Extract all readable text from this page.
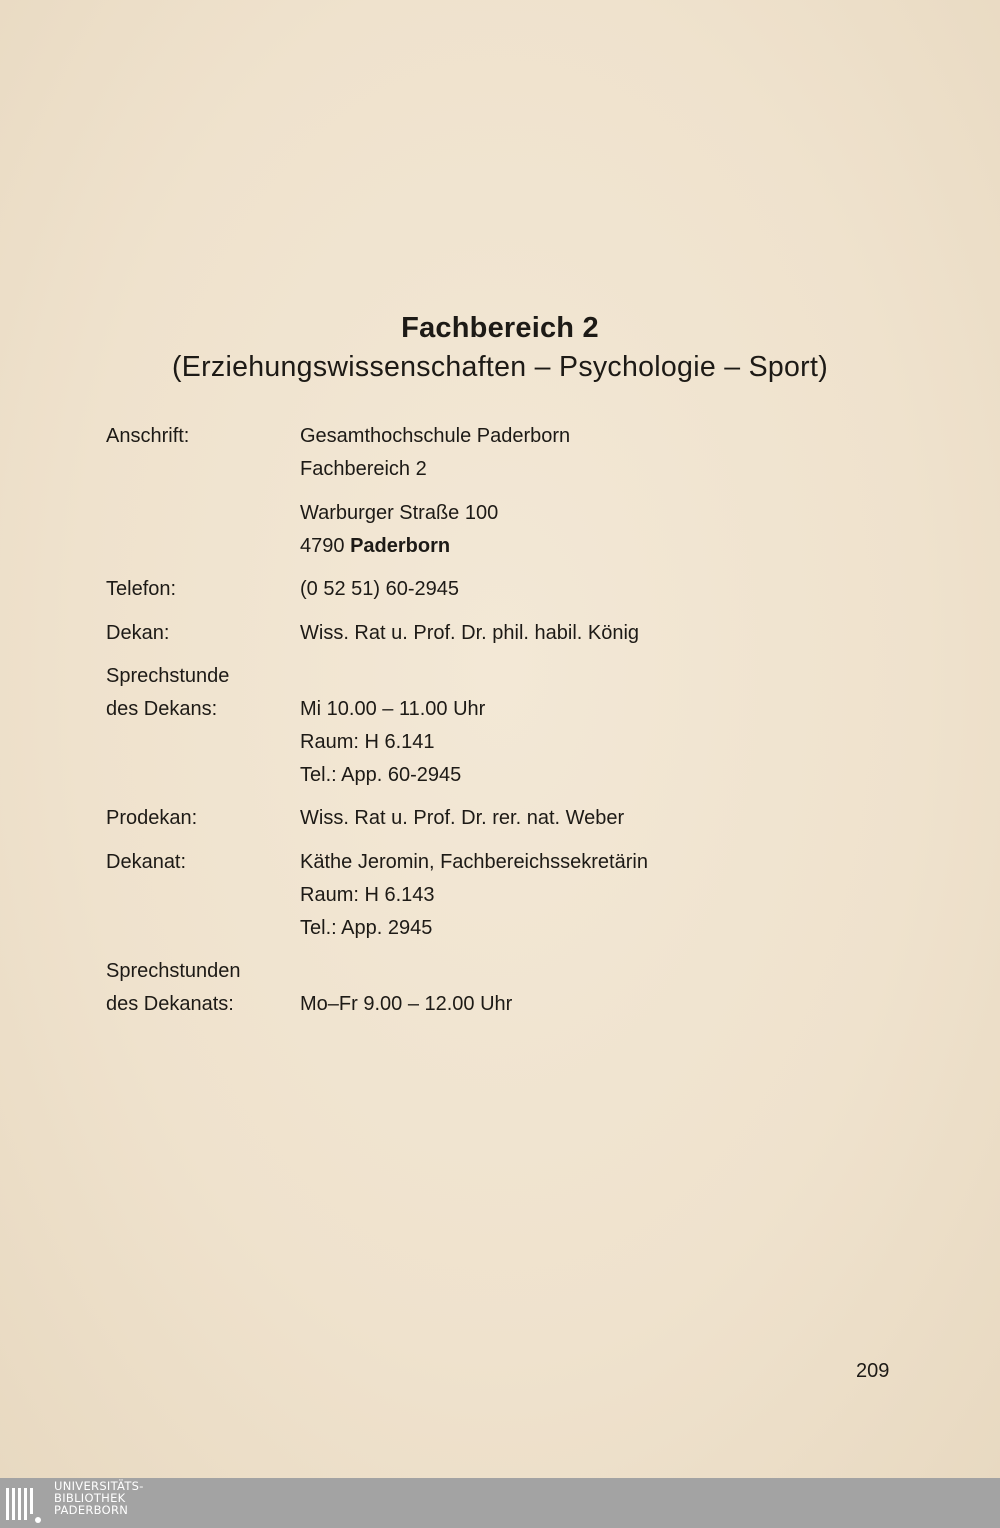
Fachbereich 2
(Erziehungswissenschaften – Psychologie – Sport)
Anschrift:	Gesamthochschule Paderborn
Fachbereich 2
Warburger Straße 100
4790 Paderborn
Telefon:	(0 52 51) 60-2945
Dekan:	Wiss. Rat u. Prof. Dr. phil. habil. König
Sprechstunde
des Dekans:	Mi 10.00 – 11.00 Uhr
Raum: H 6.141
Tel.: App. 60-2945
Prodekan:	Wiss. Rat u. Prof. Dr. rer. nat. Weber
Dekanat:	Käthe Jeromin, Fachbereichssekretärin
Raum: H 6.143
Tel.: App. 2945
Sprechstunden
des Dekanats:	Mo–Fr 9.00 – 12.00 Uhr
209
UNIVERSITÄTS-
BIBLIOTHEK
PADERBORN
